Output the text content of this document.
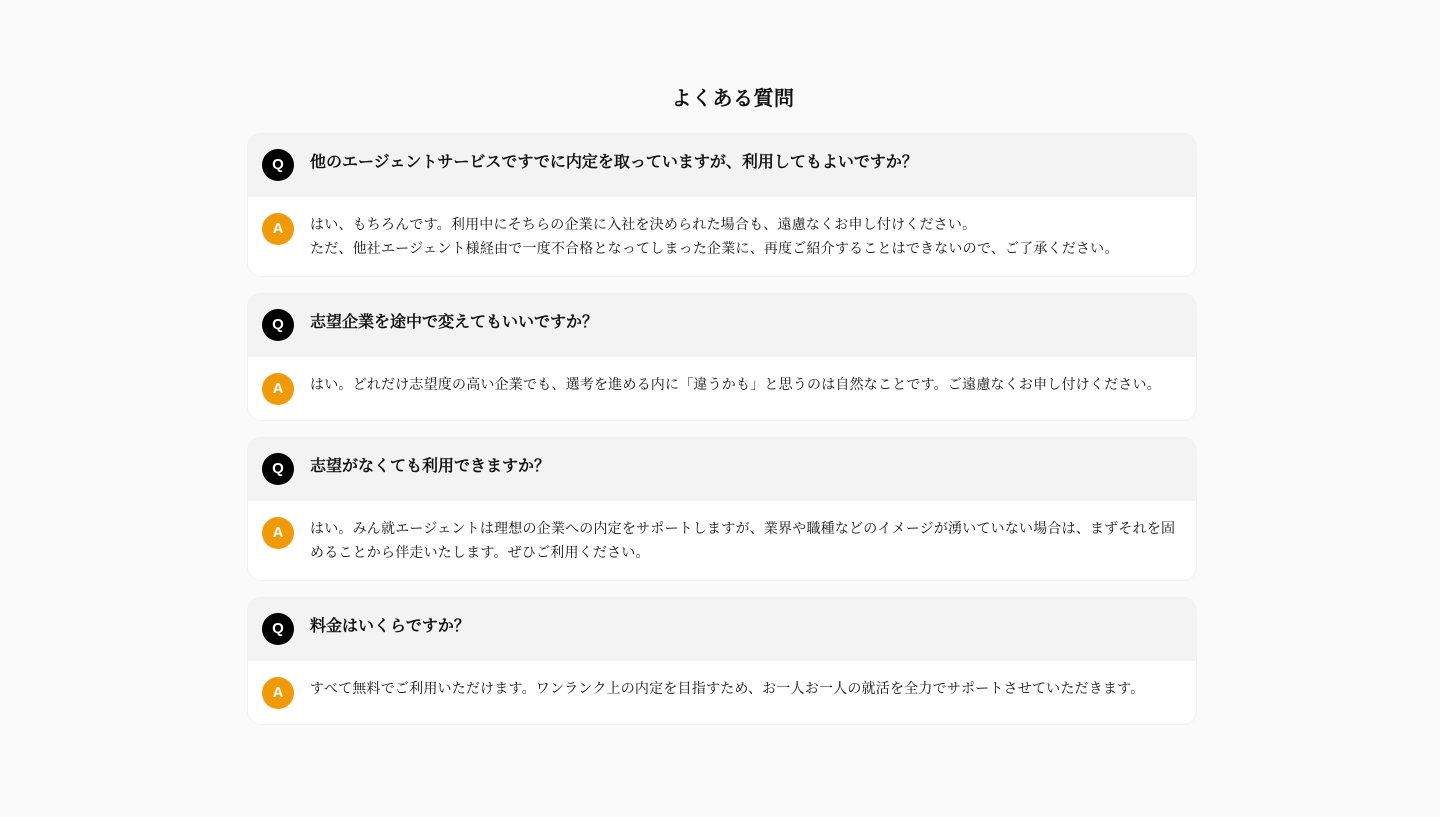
よくある質問
Q	他のエージェントサービスですでに内定を取っていますが、利用してもよいですか？
A	はい、もちろんです。利用中にそちらの企業に入社を決められた場合も、遠慮なくお申し付けください。
ただ、他社エージェント様経由で一度不合格となってしまった企業に、再度ご紹介することはできないので、ご了承ください。
Q	志望企業を途中で変えてもいいですか？
A	はい。どれだけ志望度の高い企業でも、選考を進める内に「違うかも」と思うのは自然なことです。ご遠慮なくお申し付けください。
Q	志望がなくても利用できますか？
A	はい。みん就エージェントは理想の企業への内定をサポートしますが、業界や職種などのイメージが湧いていない場合は、まずそれを固めることから伴走いたします。ぜひご利用ください。
Q	料金はいくらですか？
A	すべて無料でご利用いただけます。ワンランク上の内定を目指すため、お一人お一人の就活を全力でサポートさせていただきます。
